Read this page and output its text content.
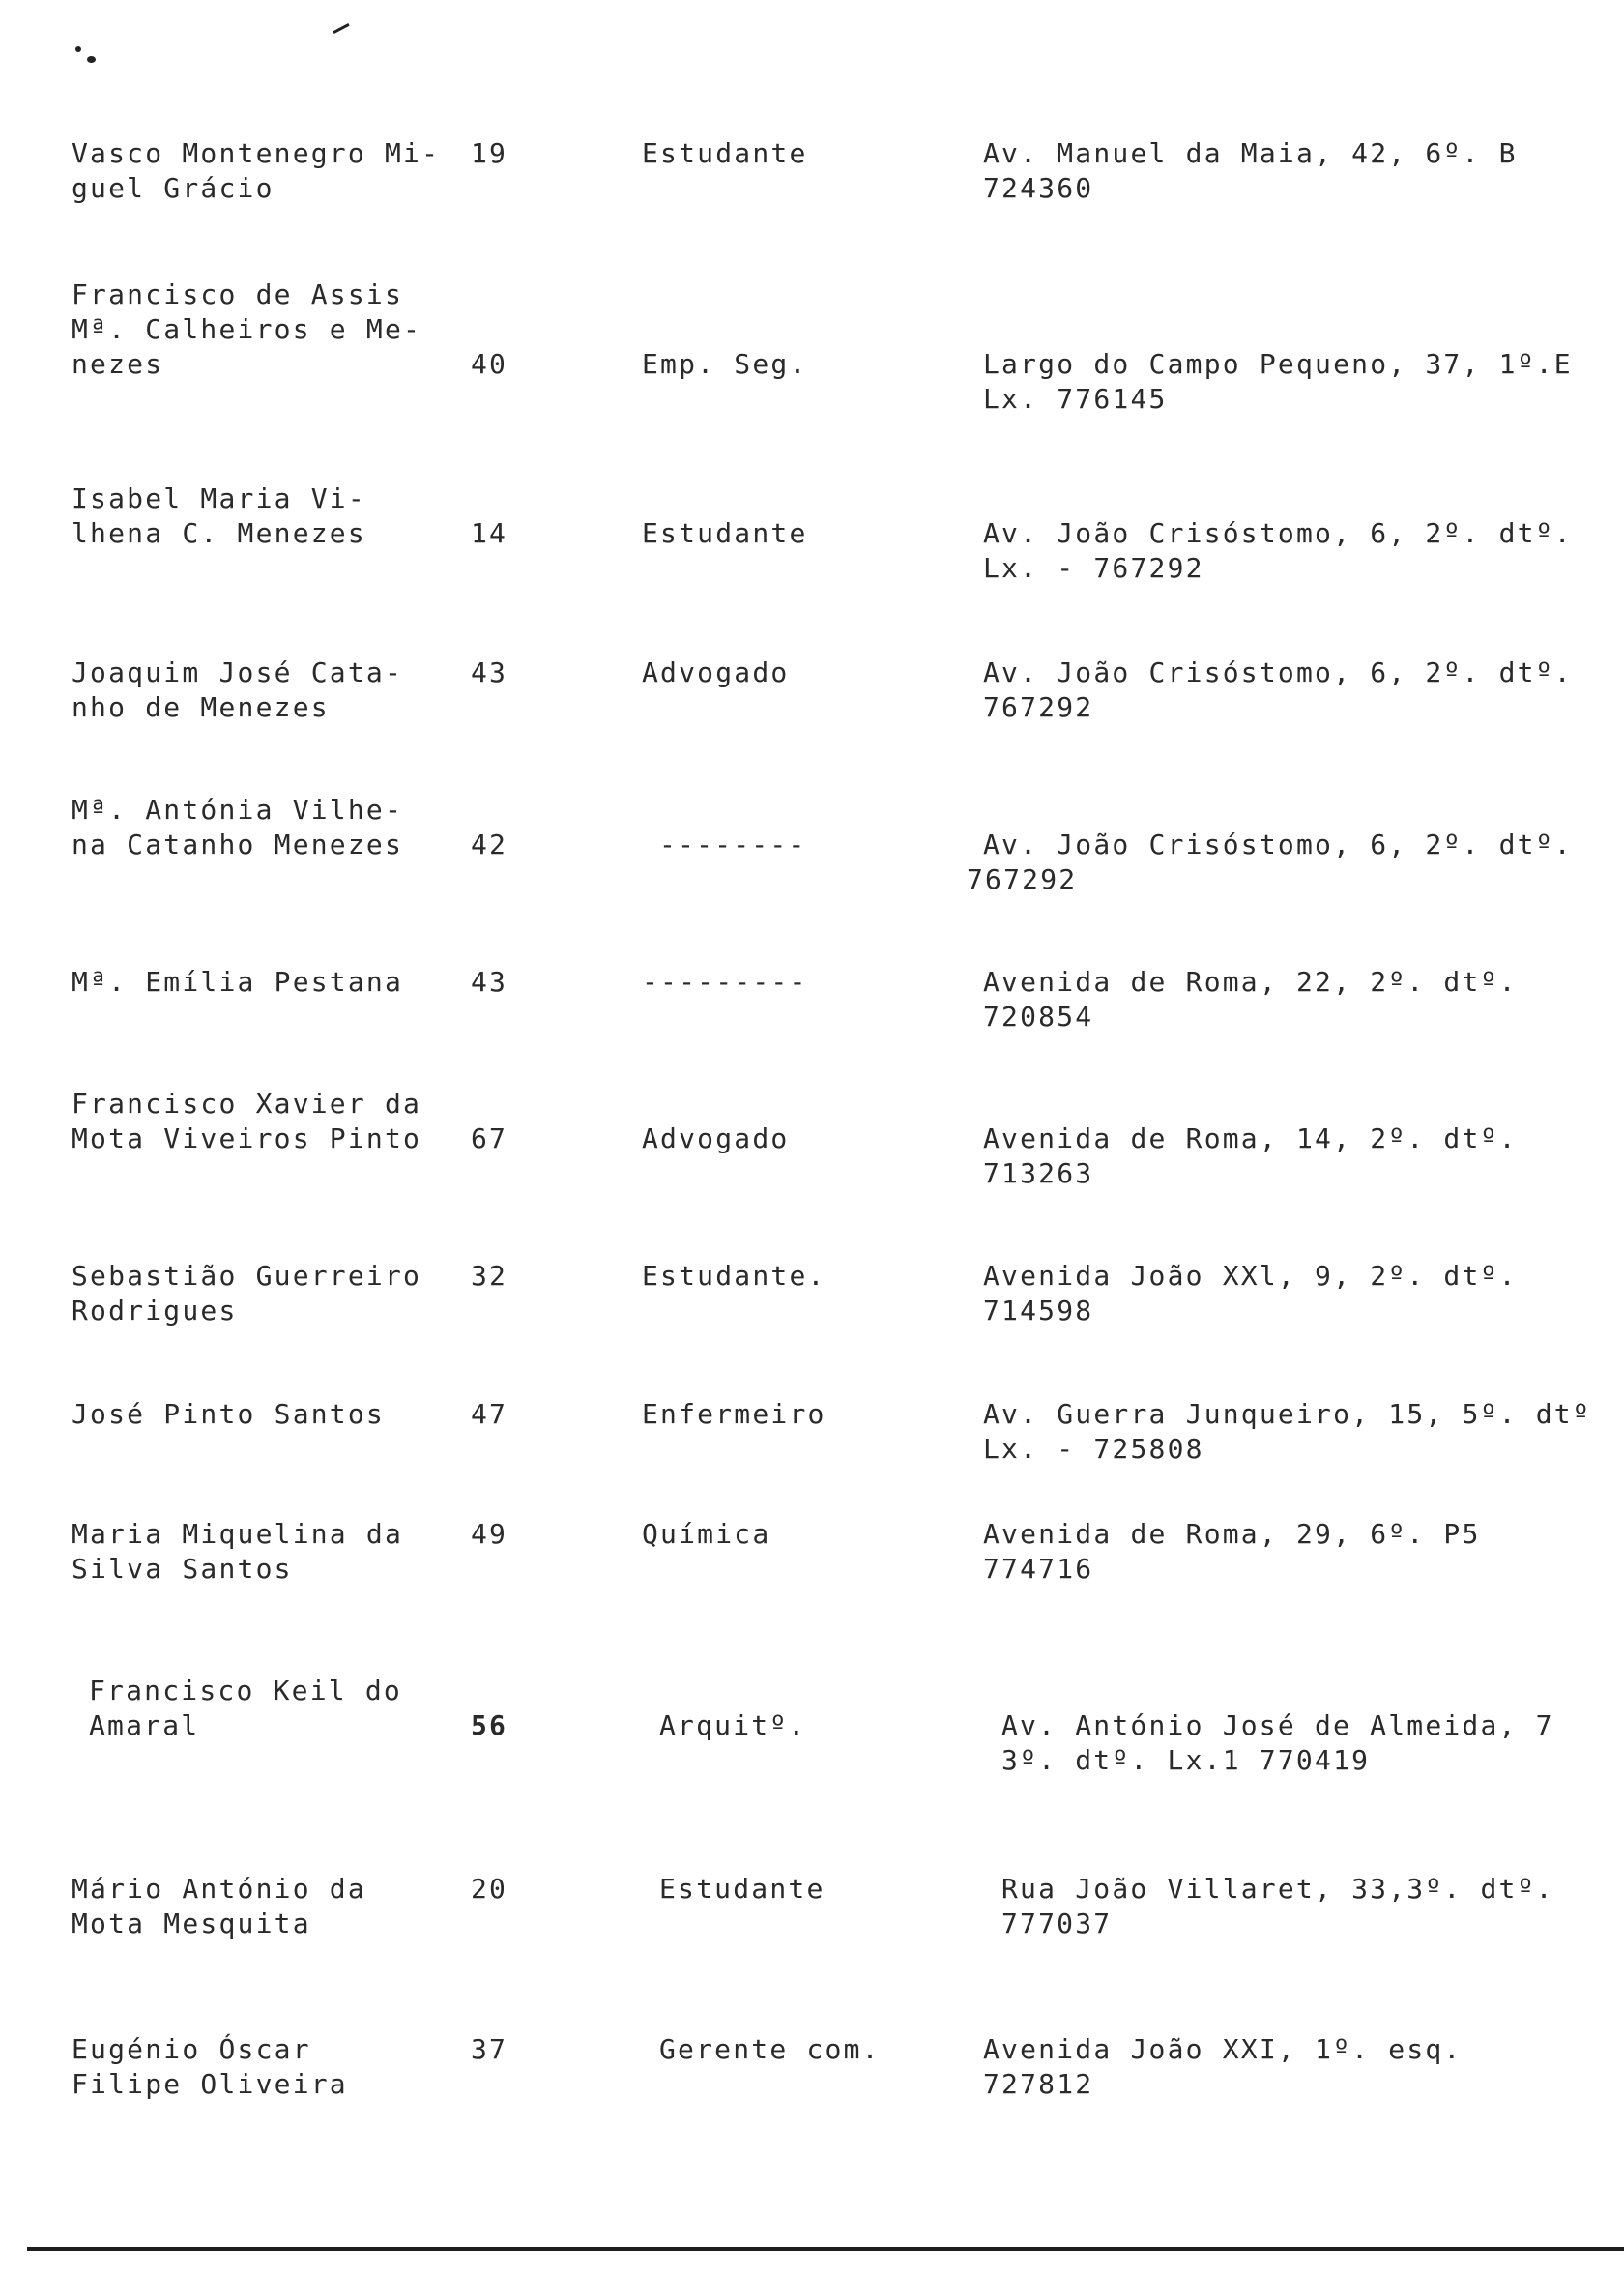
Vasco Montenegro Mi-
guel Grácio
19	Estudante	Av. Manuel da Maia, 42, 6º. B
724360
Francisco de Assis
Mª. Calheiros e Me-
nezes	40	Emp. Seg.	Largo do Campo Pequeno, 37, 1º.E
Lx. 776145
Isabel Maria Vi-
lhena C. Menezes	14	Estudante	Av. João Crisóstomo, 6, 2º. dtº.
Lx. - 767292
Joaquim José Cata-
nho de Menezes
43	Advogado	Av. João Crisóstomo, 6, 2º. dtº.
767292
Mª. Antónia Vilhe-
na Catanho Menezes 42	--------	Av. João Crisóstomo, 6, 2º. dtº.
767292
Mª. Emília Pestana 43	---------	Avenida de Roma, 22, 2º. dtº.
720854
Francisco Xavier da
Mota Viveiros Pinto 67	Advogado	Avenida de Roma, 14, 2º. dtº.
713263
Sebastião Guerreiro
Rodrigues
32	Estudante.	Avenida João XXl, 9, 2º. dtº.
714598
José Pinto Santos	47	Enfermeiro	Av. Guerra Junqueiro, 15, 5º. dtº
Lx. - 725808
Maria Miquelina da
Silva Santos
49	Química	Avenida de Roma, 29, 6º. P5
774716
Francisco Keil do
Amaral	56	Arquitº.	Av. António José de Almeida, 7
3º. dtº. Lx.1 770419
Mário António da
Mota Mesquita
20	Estudante	Rua João Villaret, 33,3º. dtº.
777037
Eugénio Óscar
Filipe Oliveira
37	Gerente com.	Avenida João XXI, 1º. esq.
727812
